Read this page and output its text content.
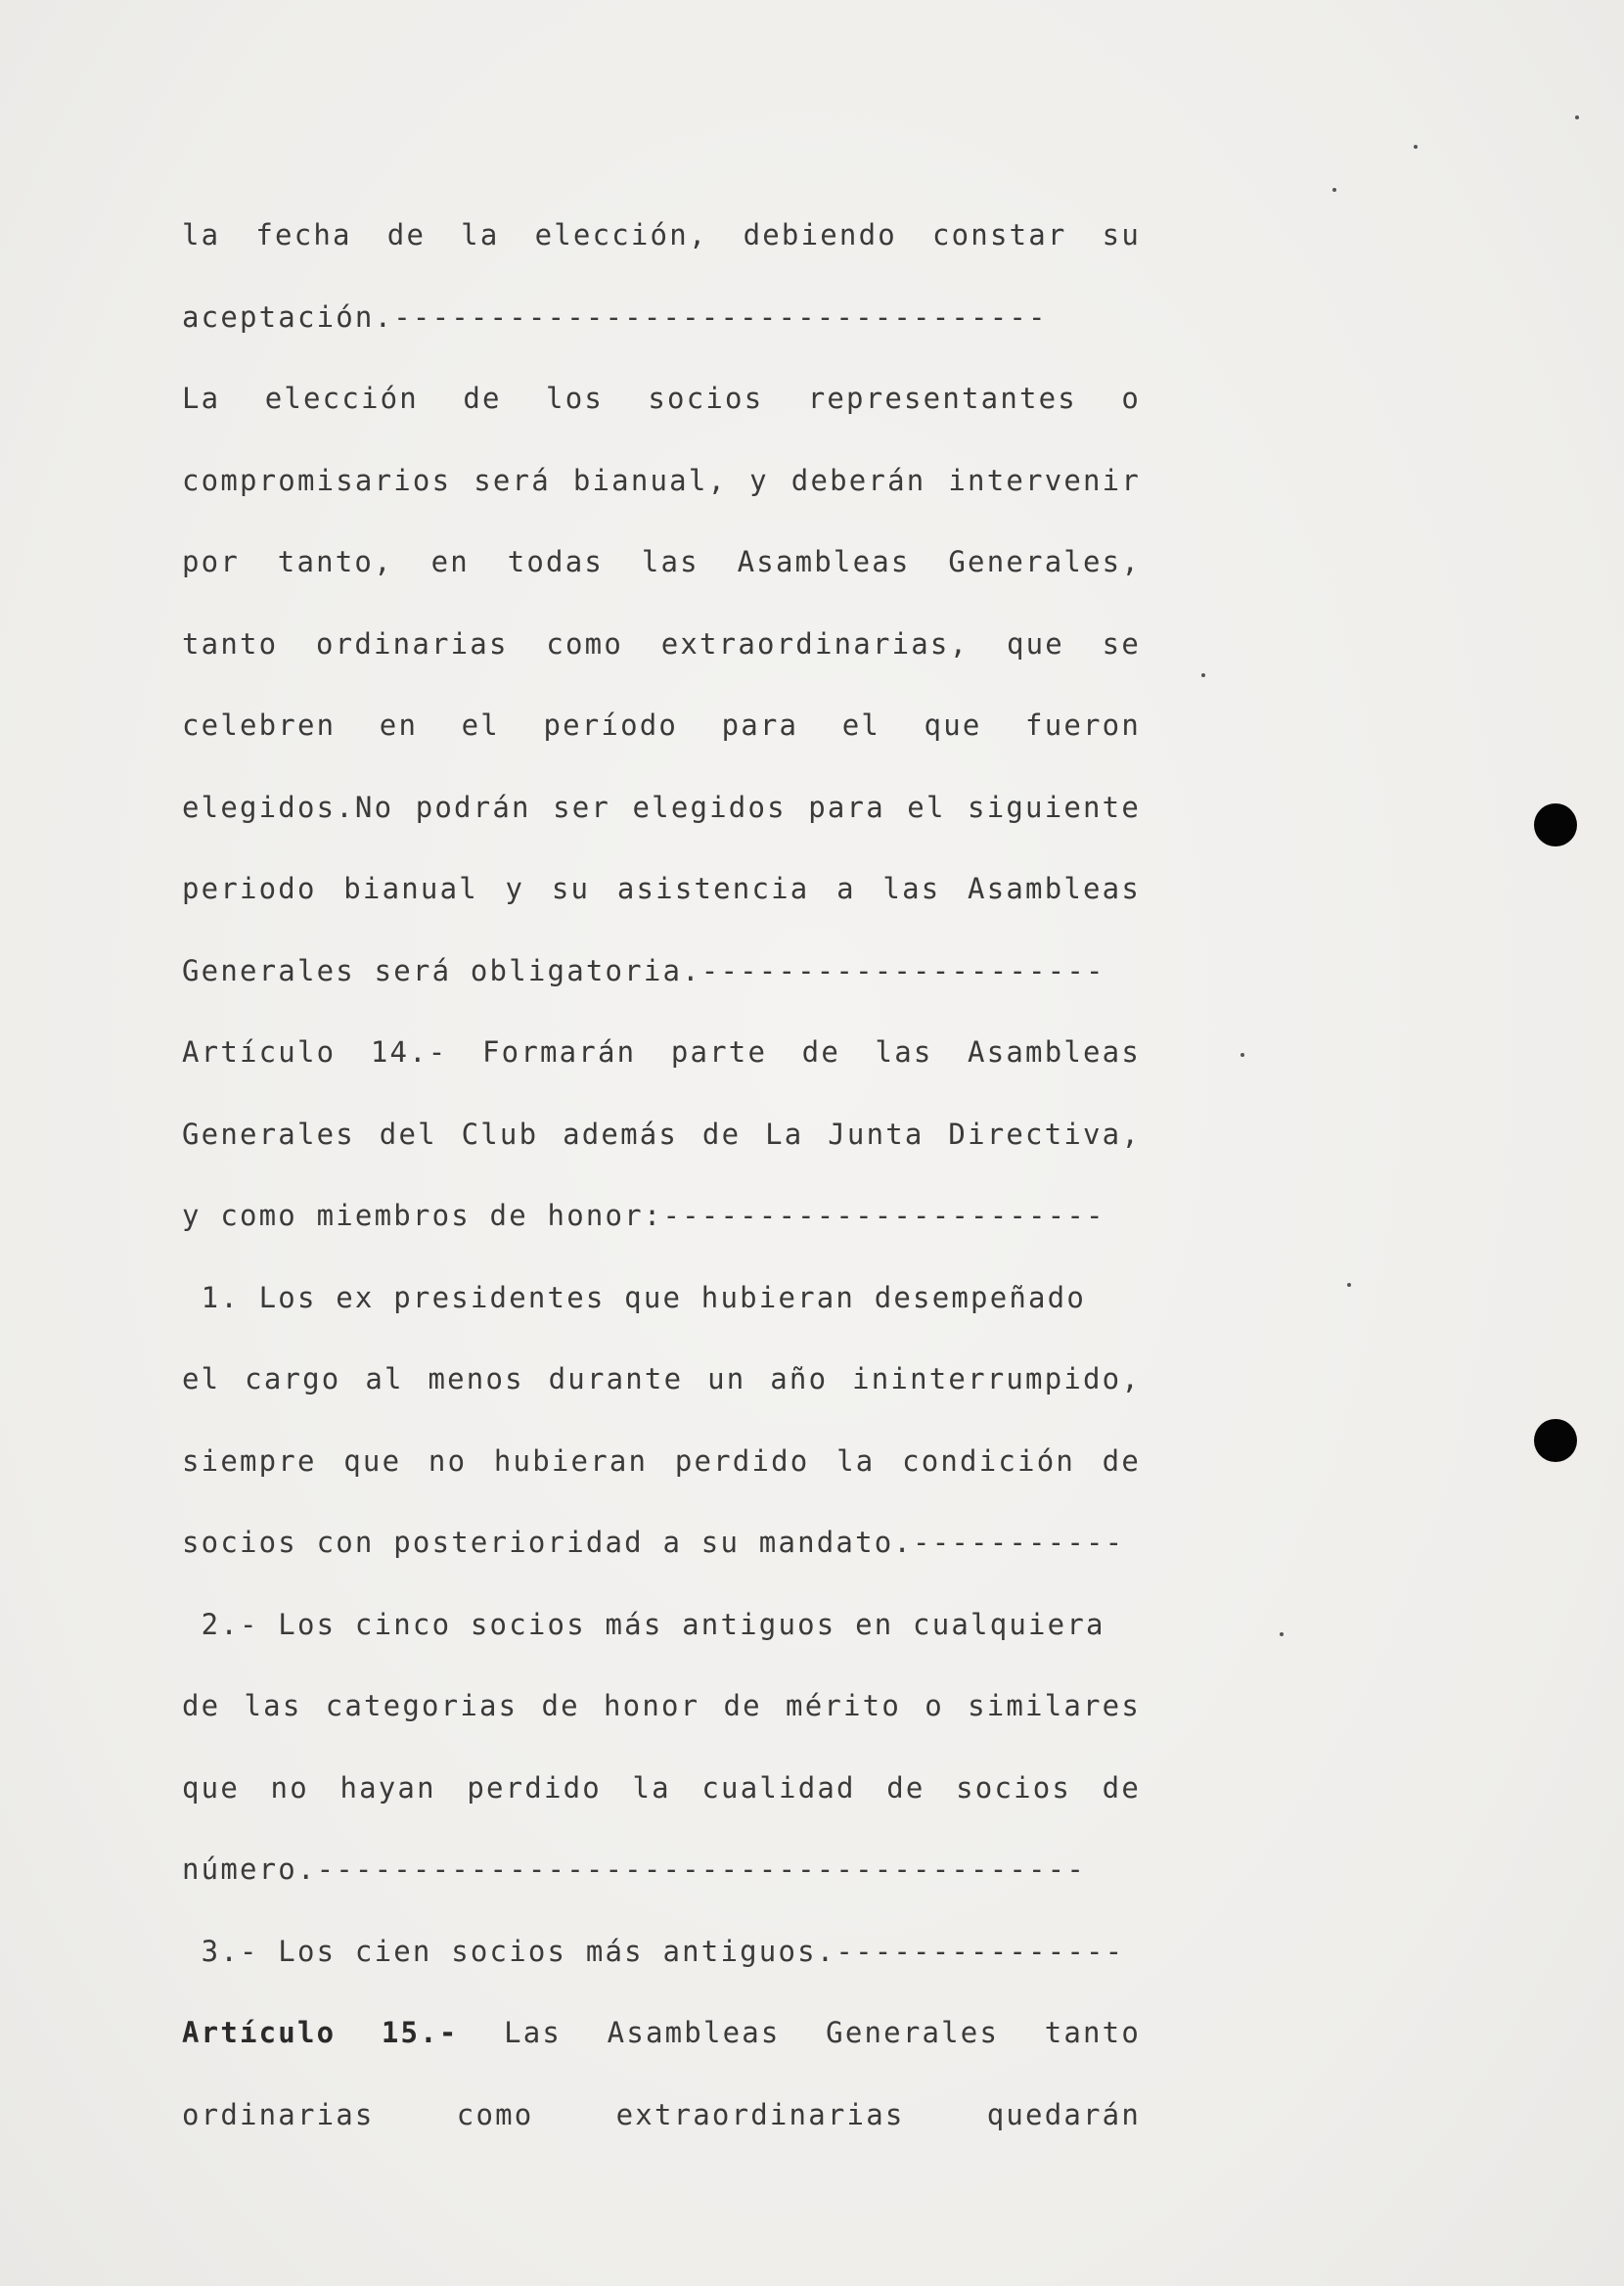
la fecha de la elección, debiendo constar su
aceptación.----------------------------------
La elección de los socios representantes o
compromisarios será bianual, y deberán intervenir
por tanto, en todas las Asambleas Generales,
tanto ordinarias como extraordinarias, que se
celebren en el período para el que fueron
elegidos.No podrán ser elegidos para el siguiente
periodo bianual y su asistencia a las Asambleas
Generales será obligatoria.---------------------
Artículo 14.- Formarán parte de las Asambleas
Generales del Club además de La Junta Directiva,
y como miembros de honor:-----------------------
1. Los ex presidentes que hubieran desempeñado
el cargo al menos durante un año ininterrumpido,
siempre que no hubieran perdido la condición de
socios con posterioridad a su mandato.-----------
2.- Los cinco socios más antiguos en cualquiera
de las categorias de honor de mérito o similares
que no hayan perdido la cualidad de socios de
número.----------------------------------------
3.- Los cien socios más antiguos.---------------
Artículo 15.- Las Asambleas Generales tanto
ordinarias como extraordinarias quedarán
